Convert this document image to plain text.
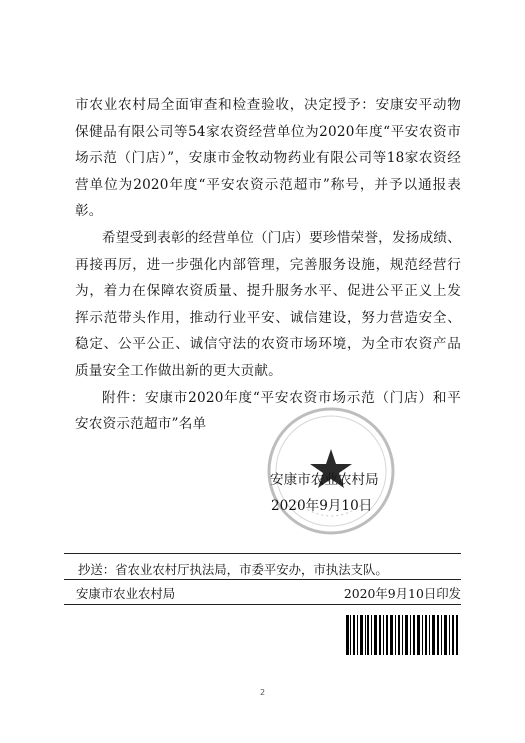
市农业农村局全面审查和检查验收，决定授予：安康安平动物保健品有限公司等54家农资经营单位为2020年度“平安农资市场示范（门店）”，安康市金牧动物药业有限公司等18家农资经营单位为2020年度“平安农资示范超市”称号，并予以通报表彰。

希望受到表彰的经营单位（门店）要珍惜荣誉，发扬成绩、再接再厉，进一步强化内部管理，完善服务设施，规范经营行为，着力在保障农资质量、提升服务水平、促进公平正义上发挥示范带头作用，推动行业平安、诚信建设，努力营造安全、稳定、公平公正、诚信守法的农资市场环境，为全市农资产品质量安全工作做出新的更大贡献。

附件：安康市2020年度“平安农资市场示范（门店）和平安农资示范超市”名单

安康市农业农村局
2020年9月10日
抄送：省农业农村厅执法局，市委平安办，市执法支队。
安康市农业农村局	2020年9月10日印发
2
